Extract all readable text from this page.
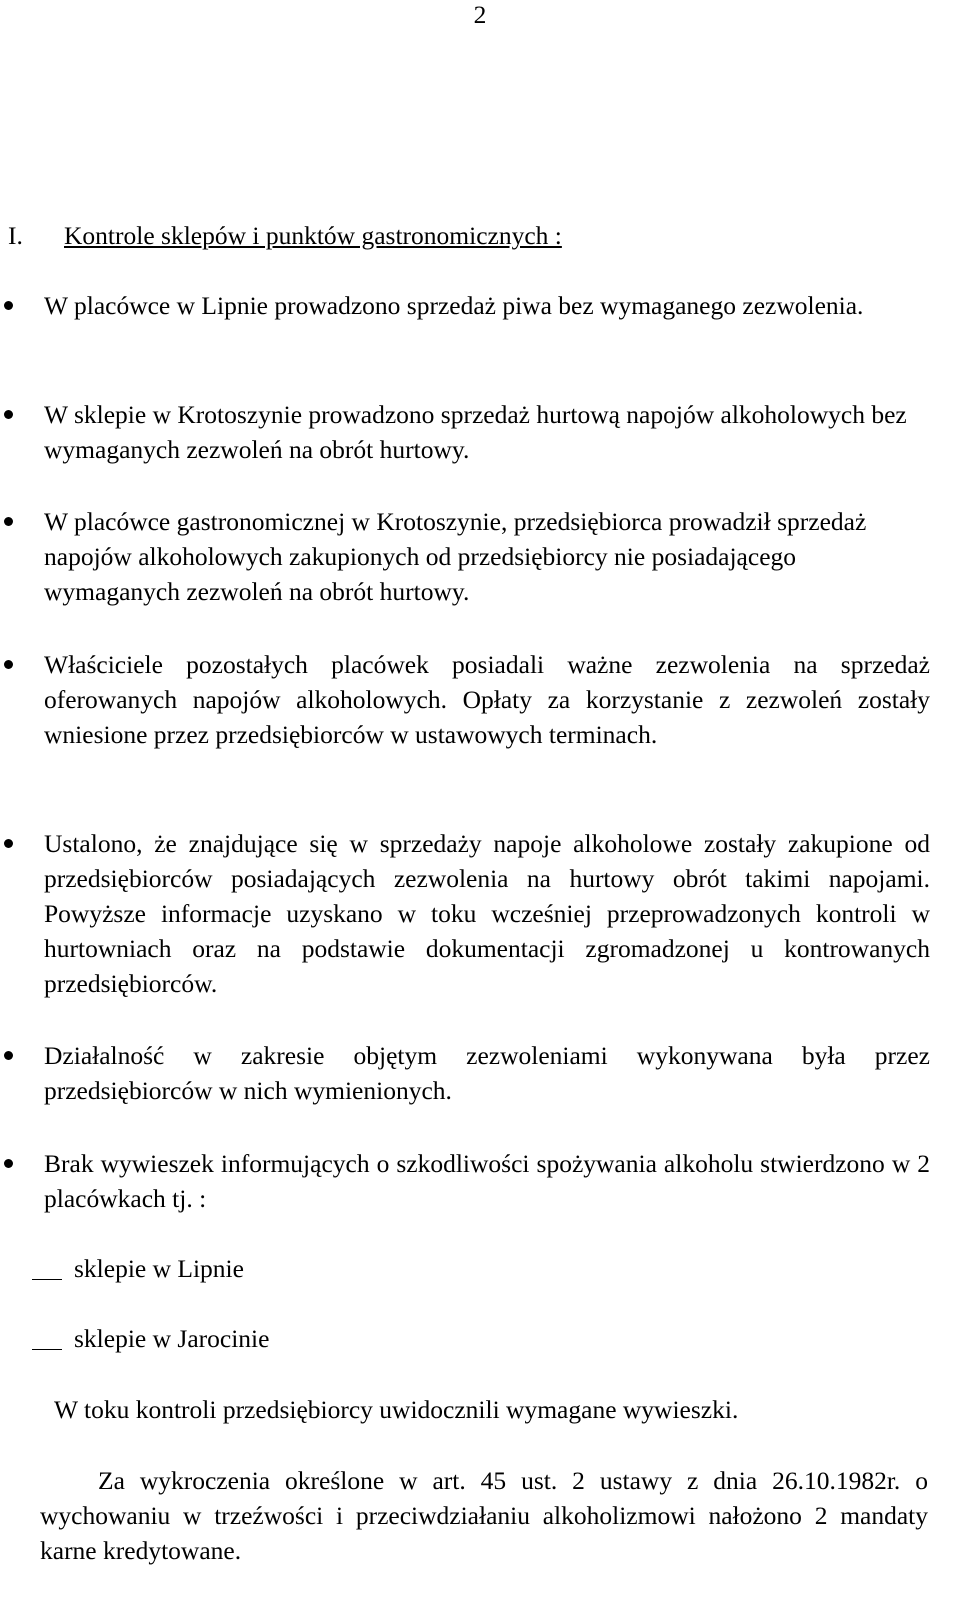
2
I. Kontrole sklepów i punktów gastronomicznych :
W placówce w Lipnie prowadzono sprzedaż piwa bez wymaganego zezwolenia.
W sklepie w Krotoszynie prowadzono sprzedaż hurtową napojów alkoholowych bez wymaganych zezwoleń na obrót hurtowy.
W placówce gastronomicznej w Krotoszynie, przedsiębiorca prowadził sprzedaż napojów alkoholowych zakupionych od przedsiębiorcy nie posiadającego wymaganych zezwoleń na obrót hurtowy.
Właściciele pozostałych placówek posiadali ważne zezwolenia na sprzedaż oferowanych napojów alkoholowych. Opłaty za korzystanie z zezwoleń zostały wniesione przez przedsiębiorców w ustawowych terminach.
Ustalono, że znajdujące się w sprzedaży napoje alkoholowe zostały zakupione od przedsiębiorców posiadających zezwolenia na hurtowy obrót takimi napojami. Powyższe informacje uzyskano w toku wcześniej przeprowadzonych kontroli w hurtowniach oraz na podstawie dokumentacji zgromadzonej u kontrowanych przedsiębiorców.
Działalność w zakresie objętym zezwoleniami wykonywana była przez przedsiębiorców w nich wymienionych.
Brak wywieszek informujących o szkodliwości spożywania alkoholu stwierdzono w 2 placówkach tj. :
sklepie w Lipnie
sklepie w Jarocinie
W toku kontroli przedsiębiorcy uwidocznili wymagane wywieszki.
Za wykroczenia określone w art. 45 ust. 2 ustawy z dnia 26.10.1982r. o wychowaniu w trzeźwości i przeciwdziałaniu alkoholizmowi nałożono 2 mandaty karne kredytowane.
